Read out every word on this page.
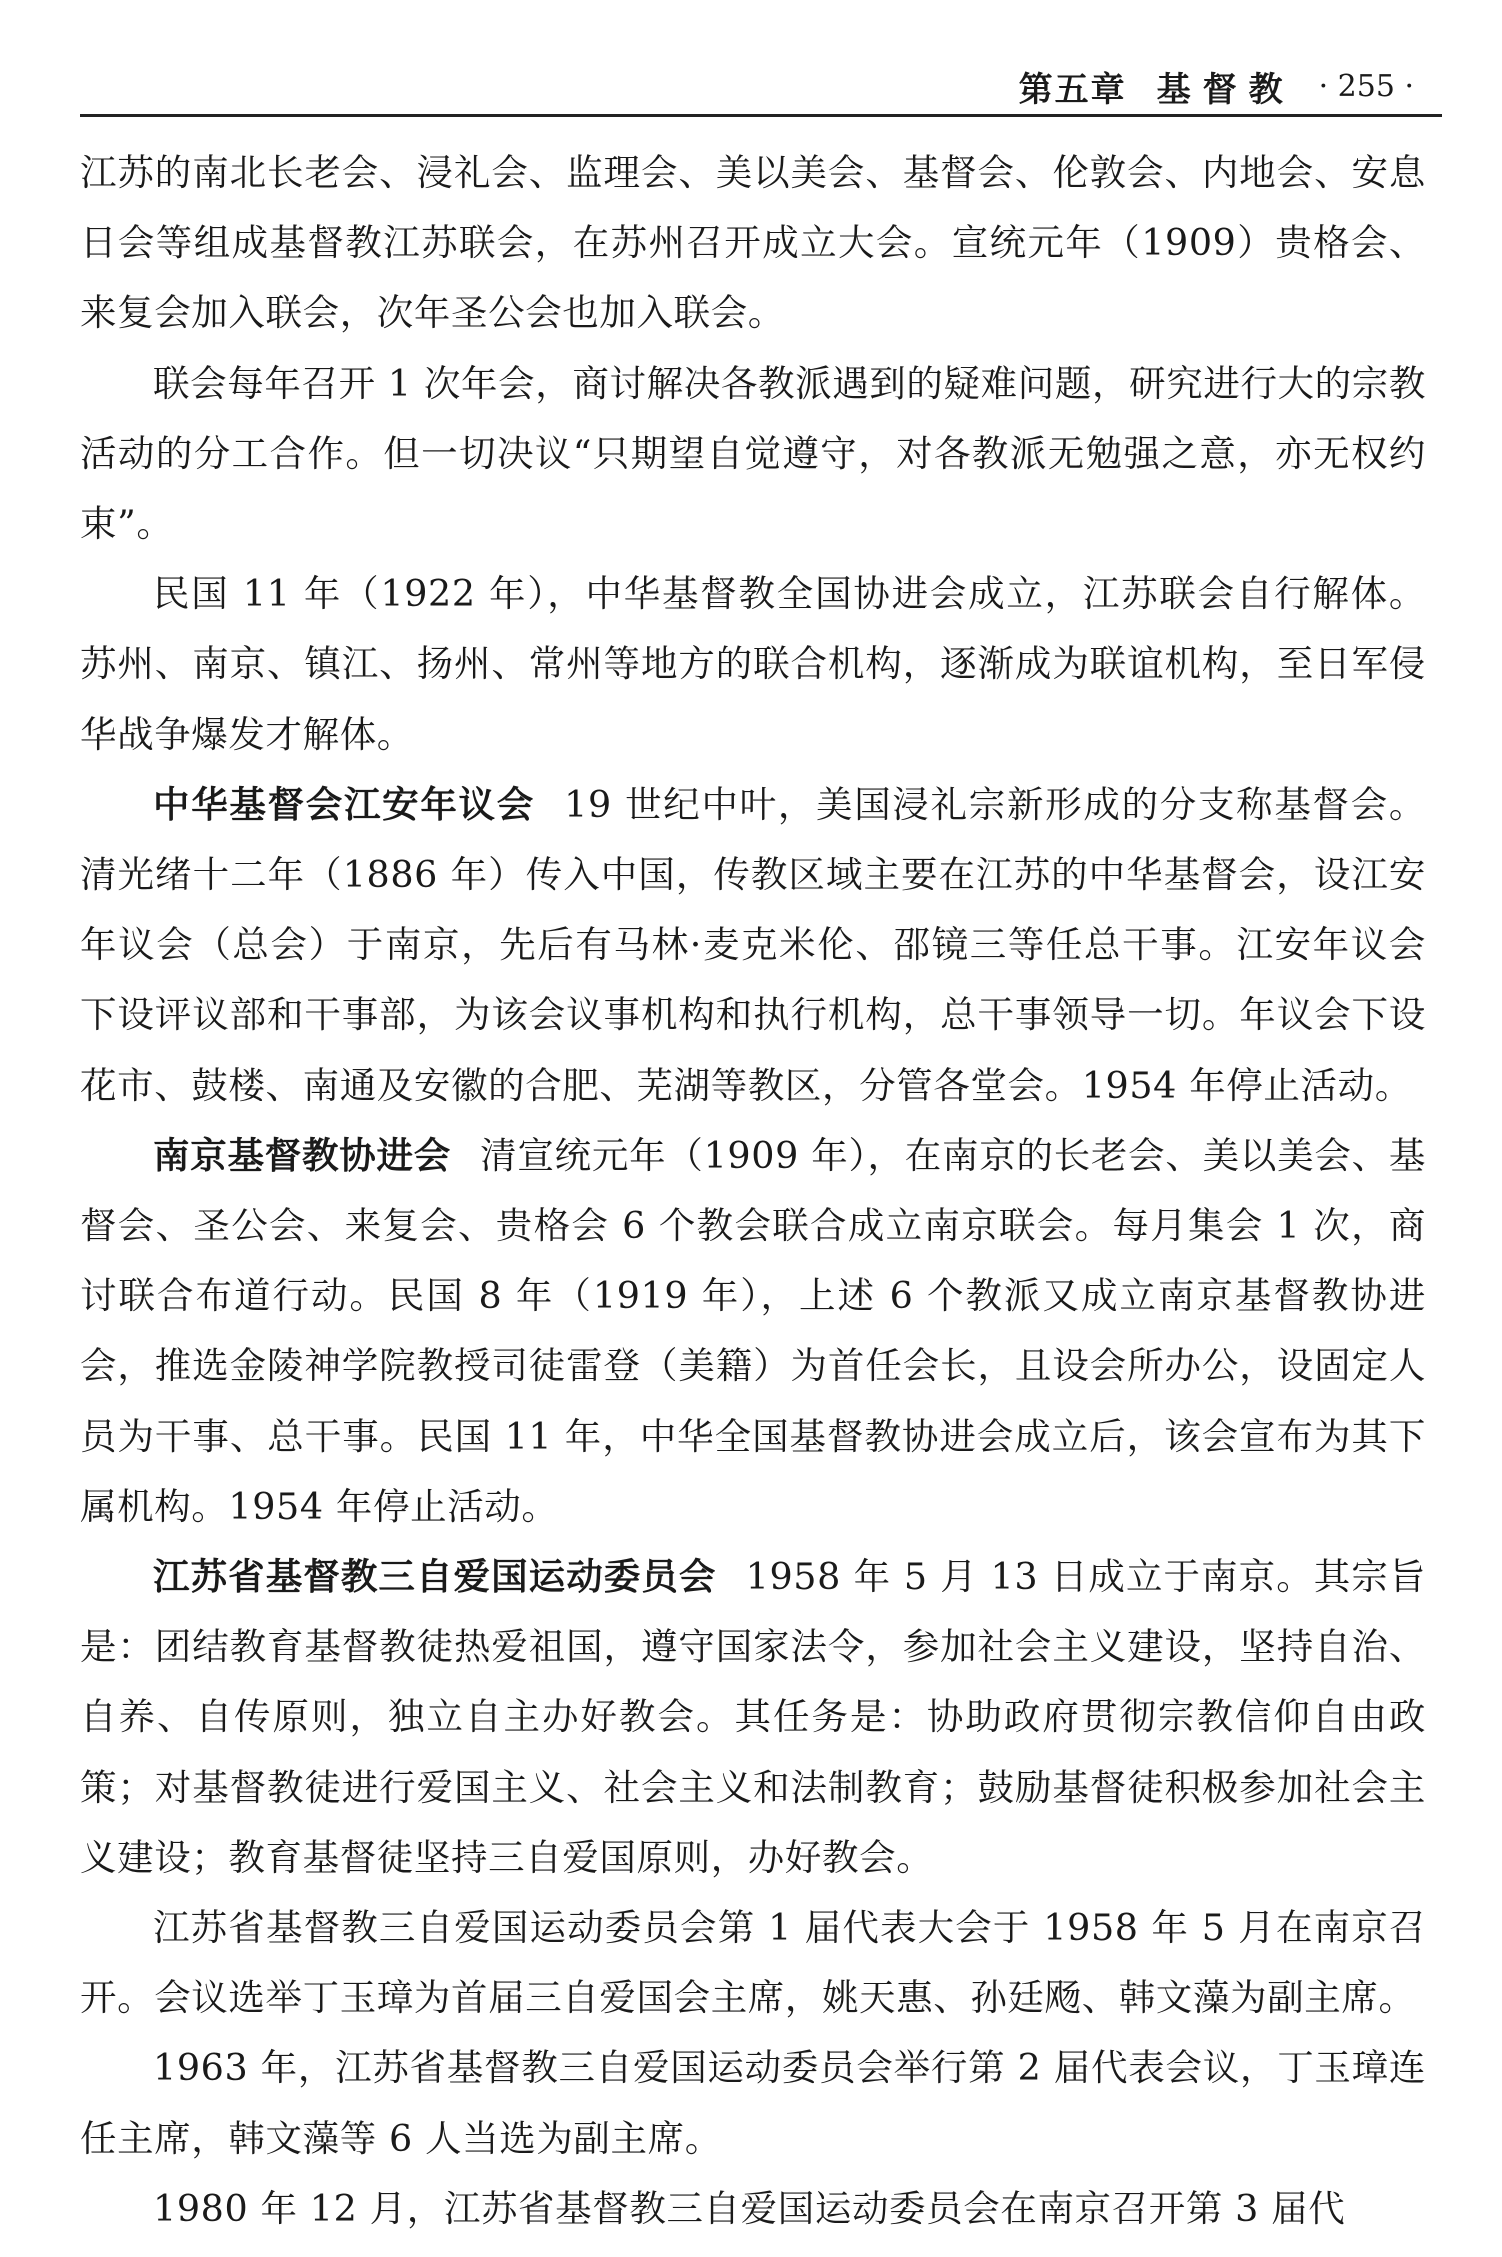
第五章 基督教 · 255 ·

江苏的南北长老会、浸礼会、监理会、美以美会、基督会、伦敦会、内地会、安息日会等组成基督教江苏联会，在苏州召开成立大会。宣统元年（1909）贵格会、来复会加入联会，次年圣公会也加入联会。

联会每年召开 1 次年会，商讨解决各教派遇到的疑难问题，研究进行大的宗教活动的分工合作。但一切决议“只期望自觉遵守，对各教派无勉强之意，亦无权约束”。

民国 11 年（1922 年），中华基督教全国协进会成立，江苏联会自行解体。苏州、南京、镇江、扬州、常州等地方的联合机构，逐渐成为联谊机构，至日军侵华战争爆发才解体。

中华基督会江安年议会 19 世纪中叶，美国浸礼宗新形成的分支称基督会。清光绪十二年（1886 年）传入中国，传教区域主要在江苏的中华基督会，设江安年议会（总会）于南京，先后有马林·麦克米伦、邵镜三等任总干事。江安年议会下设评议部和干事部，为该会议事机构和执行机构，总干事领导一切。年议会下设花市、鼓楼、南通及安徽的合肥、芜湖等教区，分管各堂会。1954 年停止活动。

南京基督教协进会 清宣统元年（1909 年），在南京的长老会、美以美会、基督会、圣公会、来复会、贵格会 6 个教会联合成立南京联会。每月集会 1 次，商讨联合布道行动。民国 8 年（1919 年），上述 6 个教派又成立南京基督教协进会，推选金陵神学院教授司徒雷登（美籍）为首任会长，且设会所办公，设固定人员为干事、总干事。民国 11 年，中华全国基督教协进会成立后，该会宣布为其下属机构。1954 年停止活动。

江苏省基督教三自爱国运动委员会 1958 年 5 月 13 日成立于南京。其宗旨是：团结教育基督教徒热爱祖国，遵守国家法令，参加社会主义建设，坚持自治、自养、自传原则，独立自主办好教会。其任务是：协助政府贯彻宗教信仰自由政策；对基督教徒进行爱国主义、社会主义和法制教育；鼓励基督徒积极参加社会主义建设；教育基督徒坚持三自爱国原则，办好教会。

江苏省基督教三自爱国运动委员会第 1 届代表大会于 1958 年 5 月在南京召开。会议选举丁玉璋为首届三自爱国会主席，姚天惠、孙廷飏、韩文藻为副主席。

1963 年，江苏省基督教三自爱国运动委员会举行第 2 届代表会议，丁玉璋连任主席，韩文藻等 6 人当选为副主席。

1980 年 12 月，江苏省基督教三自爱国运动委员会在南京召开第 3 届代
